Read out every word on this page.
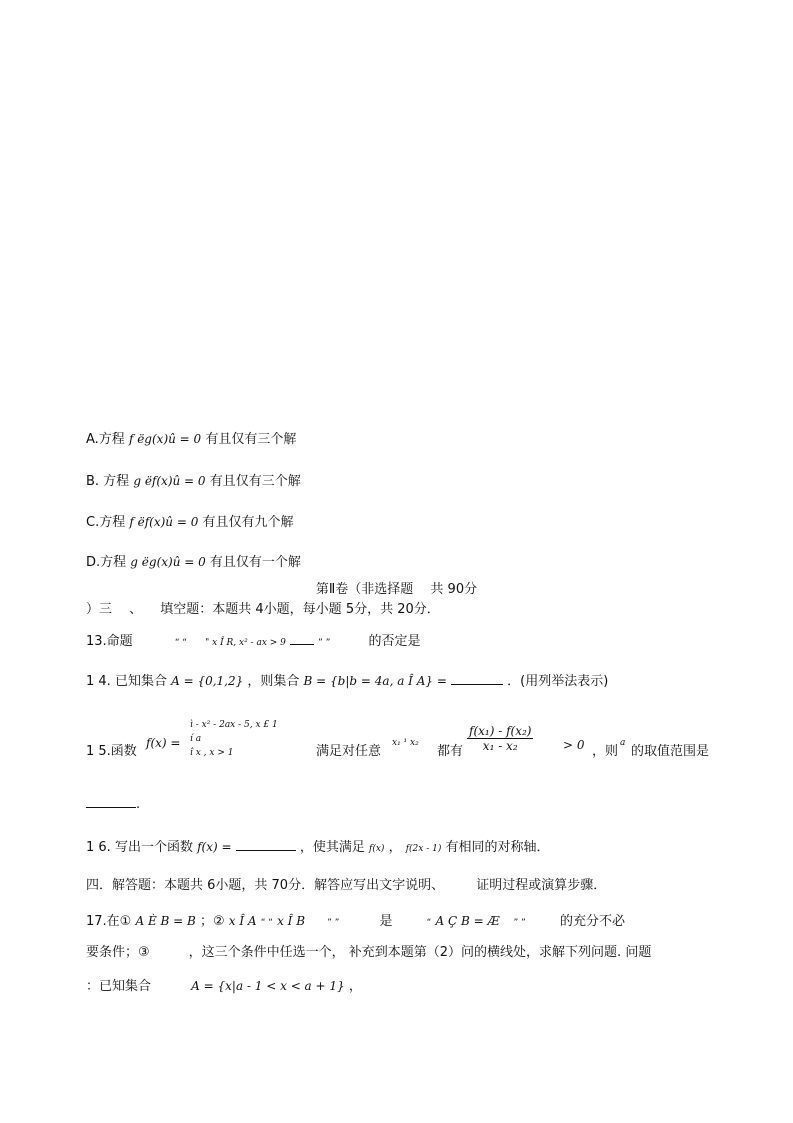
A.方程 f ëg(x)û = 0 有且仅有三个解
B. 方程 g ëf(x)û = 0 有且仅有三个解
C.方程 f ëf(x)û = 0 有且仅有九个解
D.方程 g ëg(x)û = 0 有且仅有一个解
第Ⅱ卷（非选择题　 共 90分
）三　 、 填空题：本题共 4小题，每小题 5分，共 20分．
13.命题	“ “ " x Î R, x² - ax > 9	” ”	的否定是
1 4. 已知集合 A = {0,1,2} ，则集合 B = {b|b = 4a, a Î A} =	．(用列举法表示)
1 5.函数
f(x) =
ì - x² - 2ax - 5, x £ 1
í a
î x , x > 1	满足对任意
x₁ ¹ x₂
都有 $\frac{\text{f(x₁) - f(x₂)}}{\text{x₁ - x₂}} > 0$ ，则
a
的取值范围是
.
1 6. 写出一个函数 f(x) =	，使其满足 f(x) ， f(2x - 1) 有相同的对称轴．
四．解答题：本题共 6小题，共 70分．解答应写出文字说明、 证明过程或演算步骤．
17.在① A È B = B ；② x Î A “ “ x Î B ” ”	是	“ A Ç B = Æ ” ”	的充分不必
要条件；③　　　，这三个条件中任选一个， 补充到本题第（2）问的横线处，求解下列问题. 问题
：已知集合	A = {x|a - 1 < x < a + 1} ，
